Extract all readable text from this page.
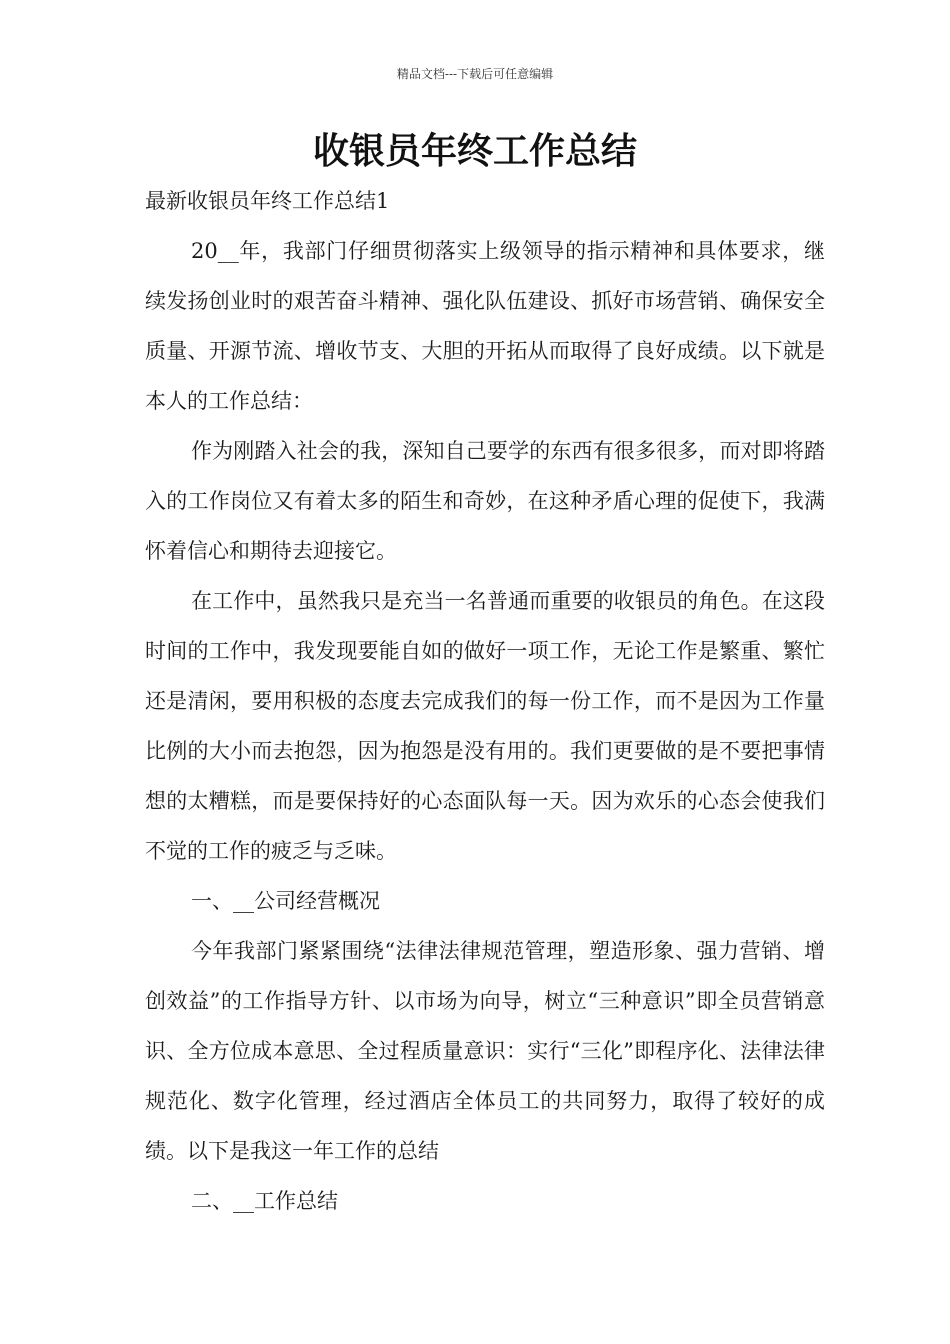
精品文档---下载后可任意编辑
收银员年终工作总结

最新收银员年终工作总结1

20__年，我部门仔细贯彻落实上级领导的指示精神和具体要求，继续发扬创业时的艰苦奋斗精神、强化队伍建设、抓好市场营销、确保安全质量、开源节流、增收节支、大胆的开拓从而取得了良好成绩。以下就是本人的工作总结：

作为刚踏入社会的我，深知自己要学的东西有很多很多，而对即将踏入的工作岗位又有着太多的陌生和奇妙，在这种矛盾心理的促使下，我满怀着信心和期待去迎接它。

在工作中，虽然我只是充当一名普通而重要的收银员的角色。在这段时间的工作中，我发现要能自如的做好一项工作，无论工作是繁重、繁忙还是清闲，要用积极的态度去完成我们的每一份工作，而不是因为工作量比例的大小而去抱怨，因为抱怨是没有用的。我们更要做的是不要把事情想的太糟糕，而是要保持好的心态面队每一天。因为欢乐的心态会使我们不觉的工作的疲乏与乏味。

一、__公司经营概况

今年我部门紧紧围绕“法律法律规范管理，塑造形象、强力营销、增创效益”的工作指导方针、以市场为向导，树立“三种意识”即全员营销意识、全方位成本意思、全过程质量意识：实行“三化”即程序化、法律法律规范化、数字化管理，经过酒店全体员工的共同努力，取得了较好的成绩。以下是我这一年工作的总结

二、__工作总结
